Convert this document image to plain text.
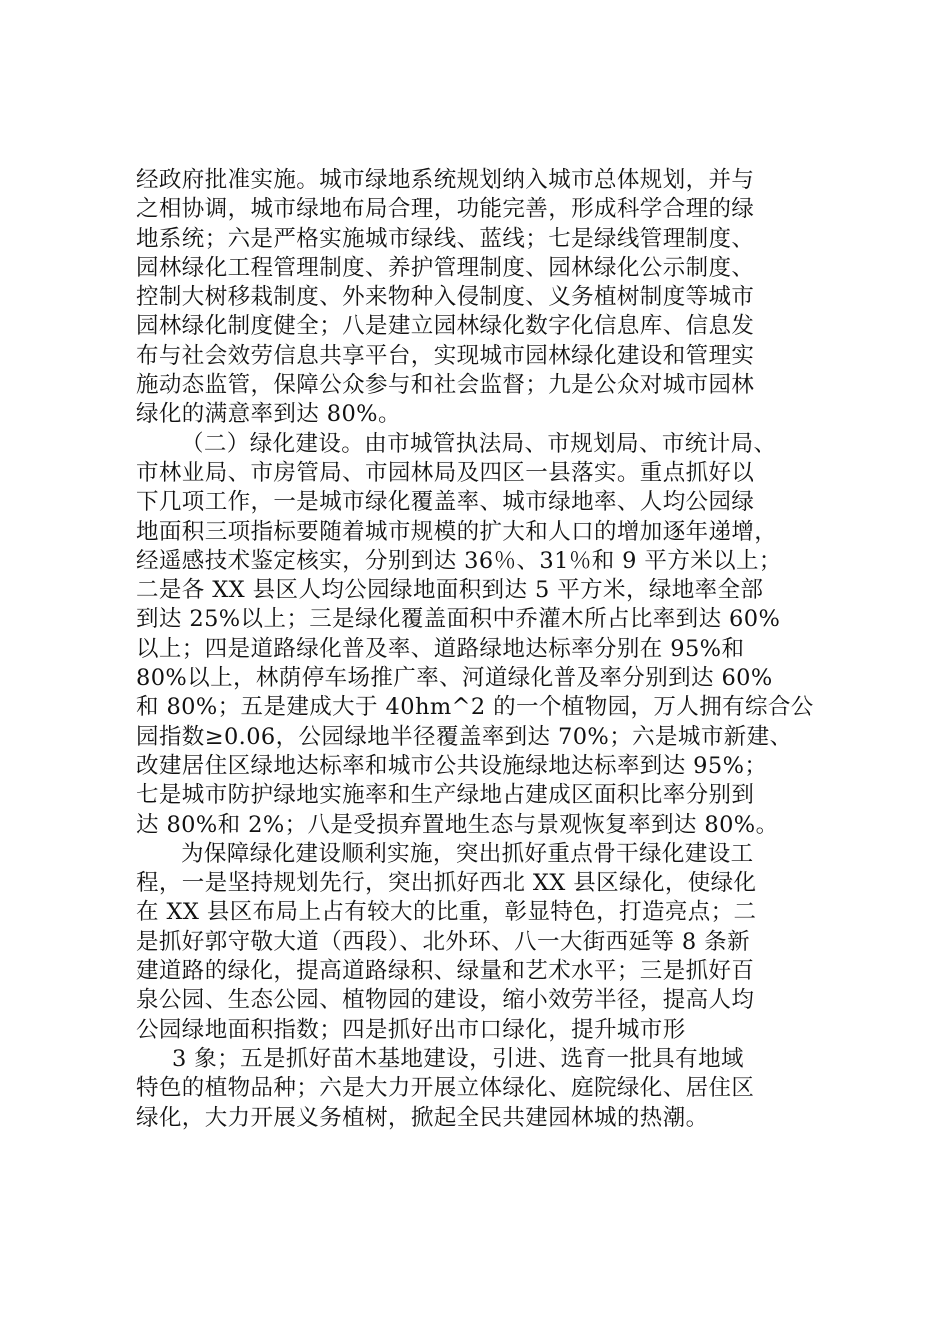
经政府批准实施。城市绿地系统规划纳入城市总体规划，并与
之相协调，城市绿地布局合理，功能完善，形成科学合理的绿
地系统；六是严格实施城市绿线、蓝线；七是绿线管理制度、
园林绿化工程管理制度、养护管理制度、园林绿化公示制度、
控制大树移栽制度、外来物种入侵制度、义务植树制度等城市
园林绿化制度健全；八是建立园林绿化数字化信息库、信息发
布与社会效劳信息共享平台，实现城市园林绿化建设和管理实
施动态监管，保障公众参与和社会监督；九是公众对城市园林
绿化的满意率到达 80%。
（二）绿化建设。由市城管执法局、市规划局、市统计局、
市林业局、市房管局、市园林局及四区一县落实。重点抓好以
下几项工作，一是城市绿化覆盖率、城市绿地率、人均公园绿
地面积三项指标要随着城市规模的扩大和人口的增加逐年递增，
经遥感技术鉴定核实，分别到达 36％、31％和 9 平方米以上；
二是各 XX 县区人均公园绿地面积到达 5 平方米，绿地率全部
到达 25%以上；三是绿化覆盖面积中乔灌木所占比率到达 60%
以上；四是道路绿化普及率、道路绿地达标率分别在 95%和
80%以上，林荫停车场推广率、河道绿化普及率分别到达 60%
和 80%；五是建成大于 40hm^2 的一个植物园，万人拥有综合公
园指数≥0.06，公园绿地半径覆盖率到达 70%；六是城市新建、
改建居住区绿地达标率和城市公共设施绿地达标率到达 95%；
七是城市防护绿地实施率和生产绿地占建成区面积比率分别到
达 80%和 2%；八是受损弃置地生态与景观恢复率到达 80%。
为保障绿化建设顺利实施，突出抓好重点骨干绿化建设工
程，一是坚持规划先行，突出抓好西北 XX 县区绿化，使绿化
在 XX 县区布局上占有较大的比重，彰显特色，打造亮点；二
是抓好郭守敬大道（西段）、北外环、八一大街西延等 8 条新
建道路的绿化，提高道路绿积、绿量和艺术水平；三是抓好百
泉公园、生态公园、植物园的建设，缩小效劳半径，提高人均
公园绿地面积指数；四是抓好出市口绿化，提升城市形
3 象；五是抓好苗木基地建设，引进、选育一批具有地域
特色的植物品种；六是大力开展立体绿化、庭院绿化、居住区
绿化，大力开展义务植树，掀起全民共建园林城的热潮。
